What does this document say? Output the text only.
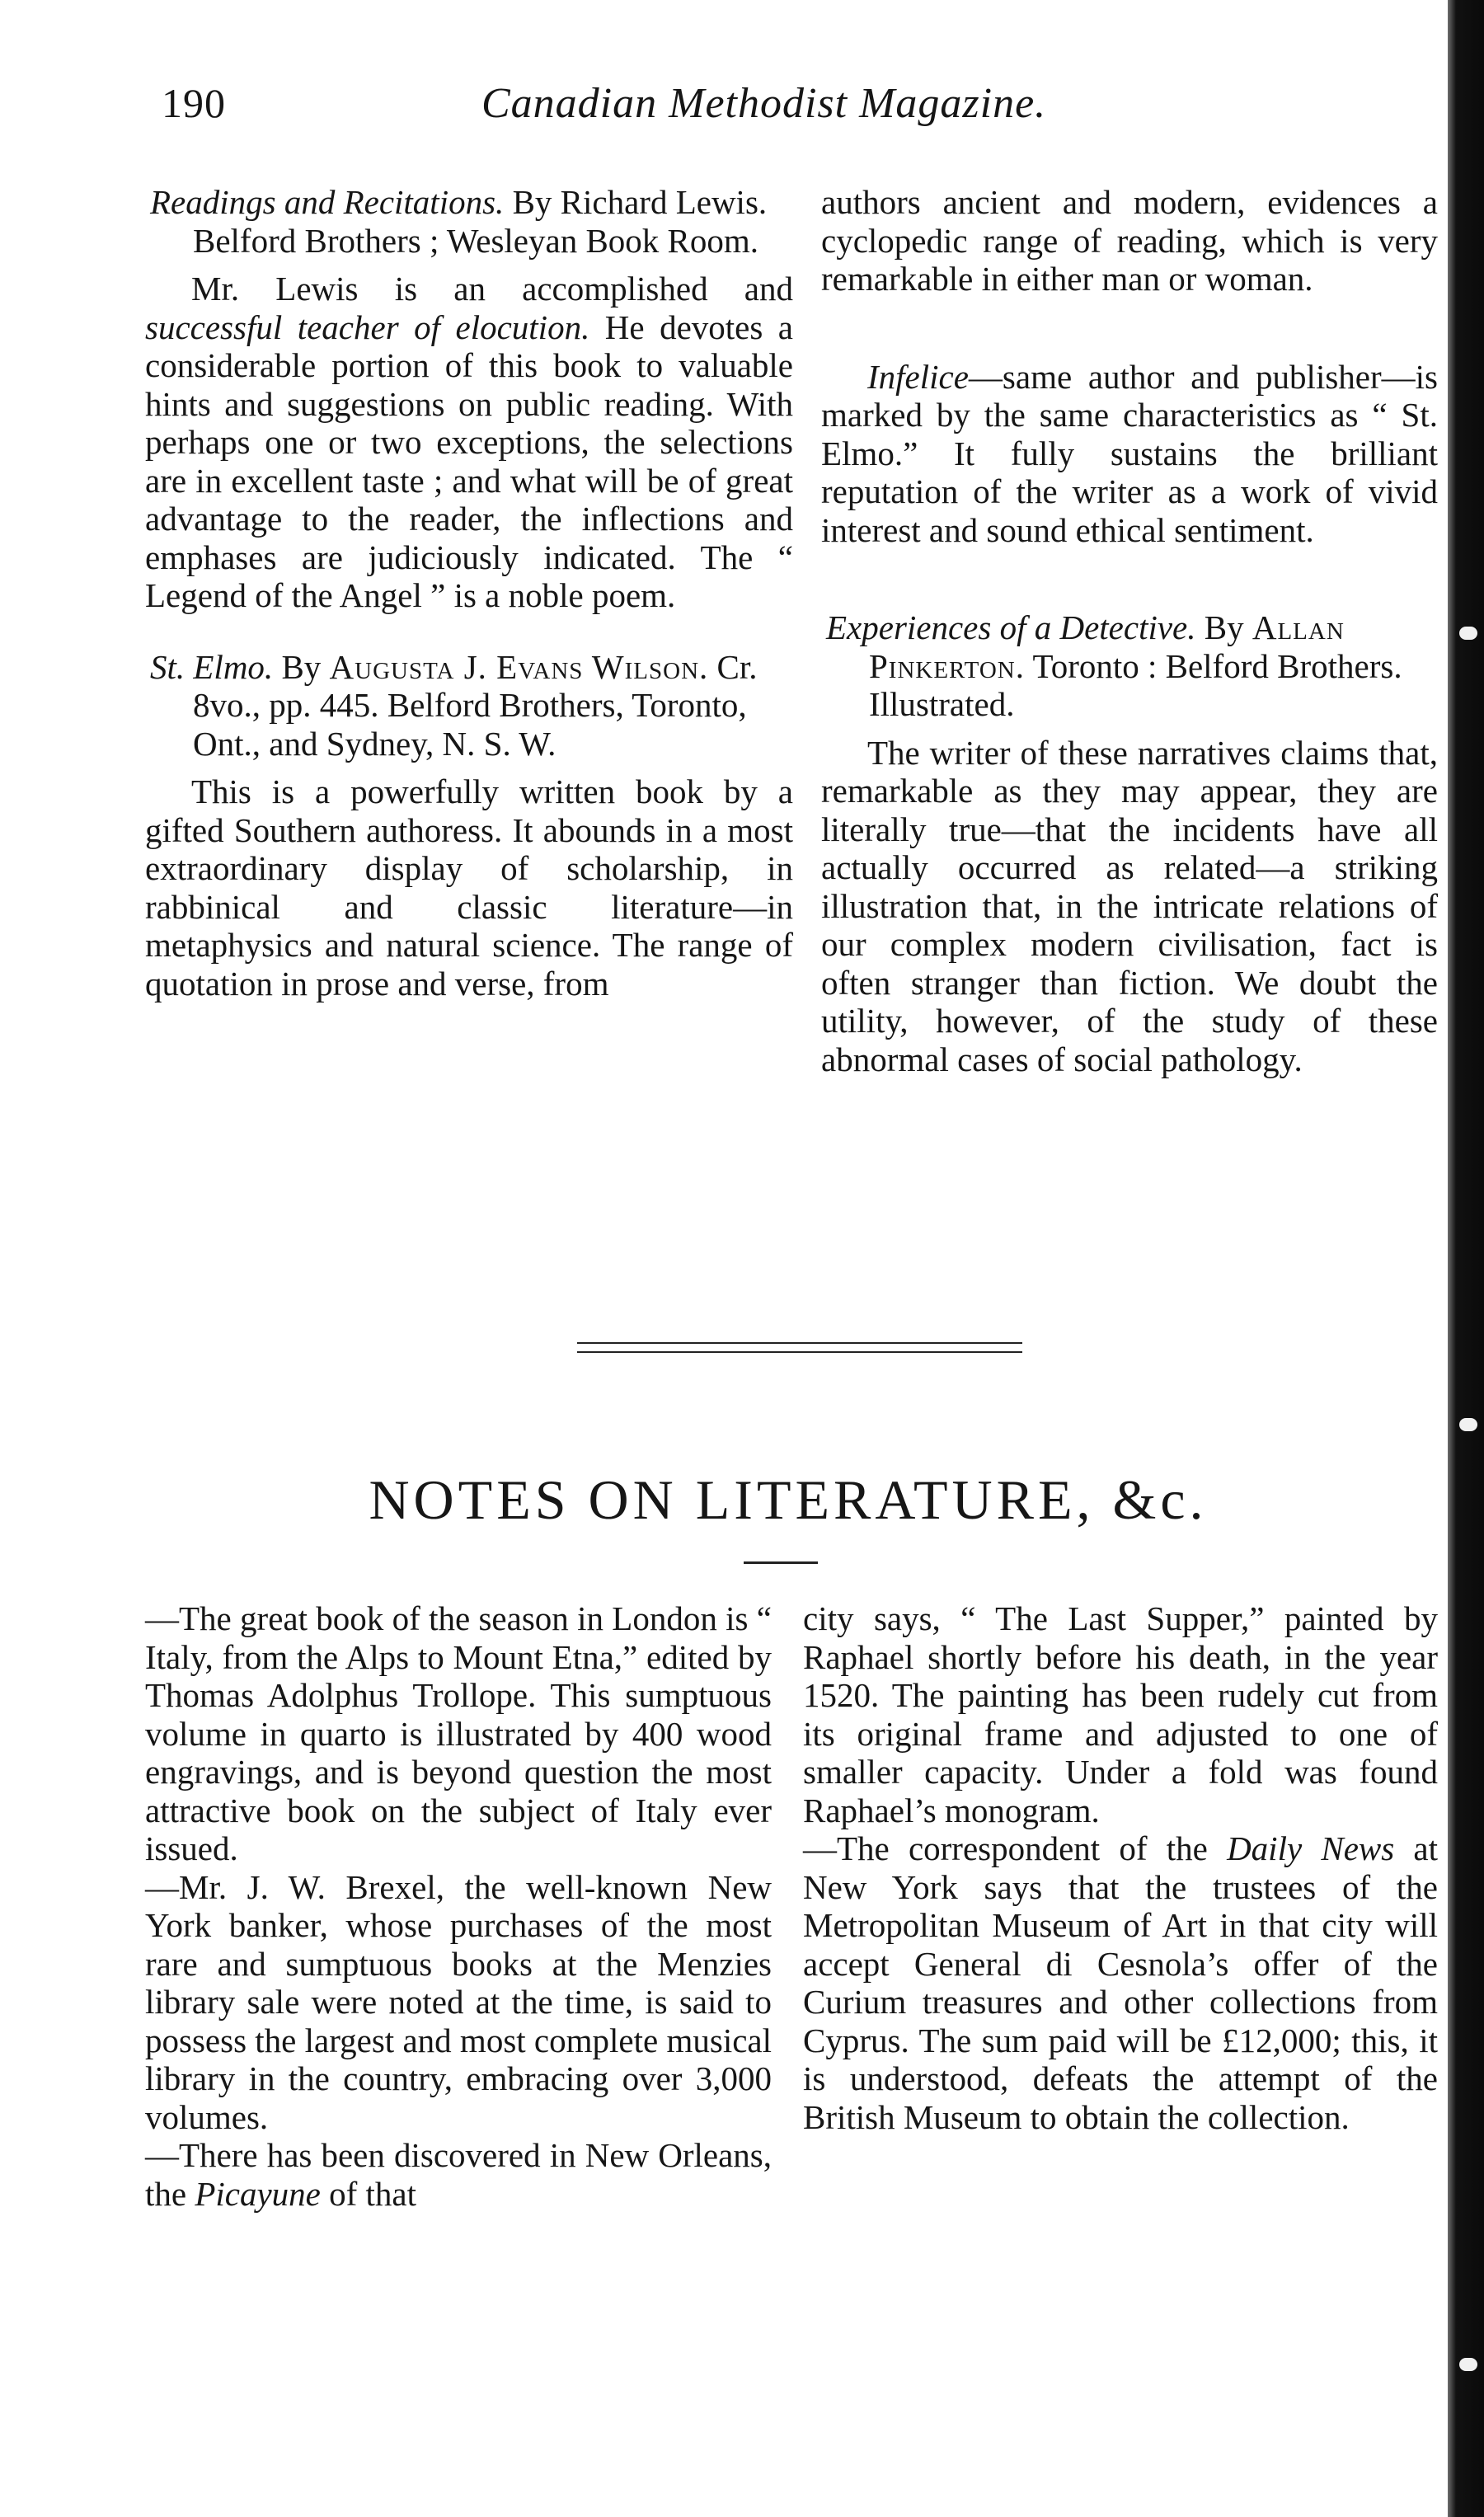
190	Canadian Methodist Magazine.

Readings and Recitations. By Richard Lewis. Belford Brothers ; Wesleyan Book Room.

Mr. Lewis is an accomplished and successful teacher of elocution. He devotes a considerable portion of this book to valuable hints and suggestions on public reading. With perhaps one or two exceptions, the selections are in excellent taste ; and what will be of great advantage to the reader, the inflections and emphases are judiciously indicated. The “ Legend of the Angel ” is a noble poem.

St. Elmo. By Augusta J. Evans Wilson. Cr. 8vo., pp. 445. Belford Brothers, Toronto, Ont., and Sydney, N. S. W.

This is a powerfully written book by a gifted Southern authoress. It abounds in a most extraordinary display of scholarship, in rabbinical and classic literature—in metaphysics and natural science. The range of quotation in prose and verse, from

authors ancient and modern, evidences a cyclopedic range of reading, which is very remarkable in either man or woman.

Infelice—same author and publisher—is marked by the same characteristics as “ St. Elmo.” It fully sustains the brilliant reputation of the writer as a work of vivid interest and sound ethical sentiment.

Experiences of a Detective. By Allan Pinkerton. Toronto : Belford Brothers. Illustrated.

The writer of these narratives claims that, remarkable as they may appear, they are literally true—that the incidents have all actually occurred as related—a striking illustration that, in the intricate relations of our complex modern civilisation, fact is often stranger than fiction. We doubt the utility, however, of the study of these abnormal cases of social pathology.

NOTES ON LITERATURE, &c.

—The great book of the season in London is “ Italy, from the Alps to Mount Etna,” edited by Thomas Adolphus Trollope. This sumptuous volume in quarto is illustrated by 400 wood engravings, and is beyond question the most attractive book on the subject of Italy ever issued.

—Mr. J. W. Brexel, the well-known New York banker, whose purchases of the most rare and sumptuous books at the Menzies library sale were noted at the time, is said to possess the largest and most complete musical library in the country, embracing over 3,000 volumes.

—There has been discovered in New Orleans, the Picayune of that

city says, “ The Last Supper,” painted by Raphael shortly before his death, in the year 1520. The painting has been rudely cut from its original frame and adjusted to one of smaller capacity. Under a fold was found Raphael’s monogram.

—The correspondent of the Daily News at New York says that the trustees of the Metropolitan Museum of Art in that city will accept General di Cesnola’s offer of the Curium treasures and other collections from Cyprus. The sum paid will be £12,000; this, it is understood, defeats the attempt of the British Museum to obtain the collection.
